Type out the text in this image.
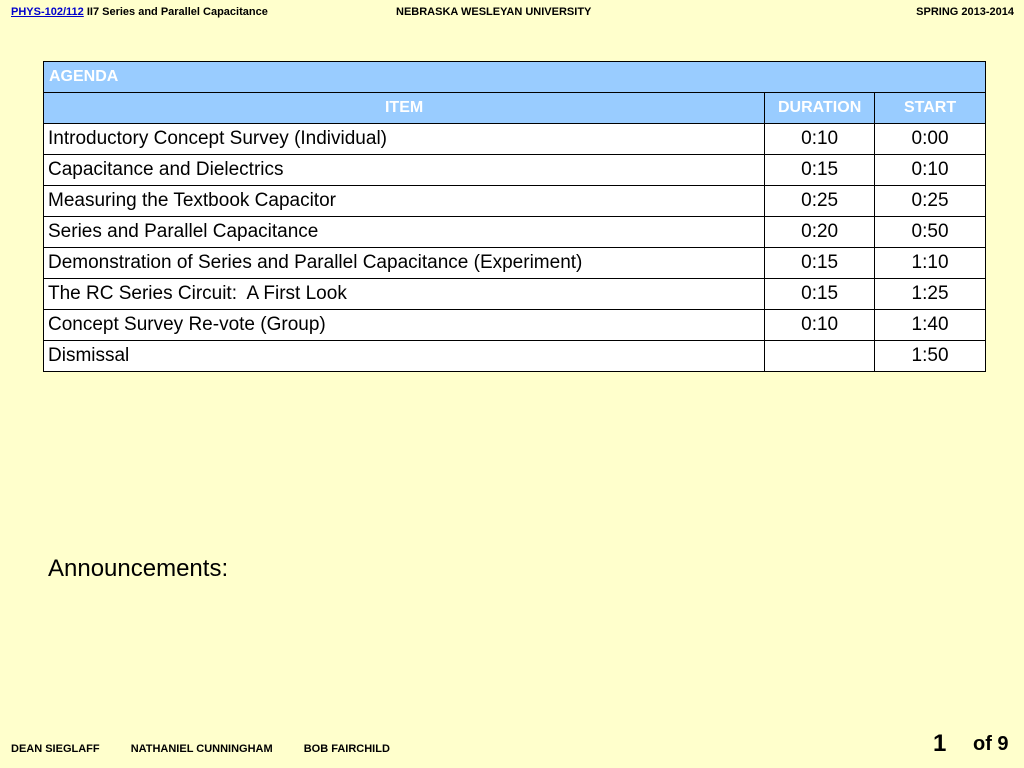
PHYS-102/112 II7 Series and Parallel Capacitance	NEBRASKA WESLEYAN UNIVERSITY	SPRING 2013-2014
AGENDA		
ITEM	DURATION	START
Introductory Concept Survey (Individual)	0:10	0:00
Capacitance and Dielectrics	0:15	0:10
Measuring the Textbook Capacitor	0:25	0:25
Series and Parallel Capacitance	0:20	0:50
Demonstration of Series and Parallel Capacitance (Experiment)	0:15	1:10
The RC Series Circuit:  A First Look	0:15	1:25
Concept Survey Re-vote (Group)	0:10	1:40
Dismissal		1:50
Announcements:
DEAN SIEGLAFF	NATHANIEL CUNNINGHAM	BOB FAIRCHILD	1 of 9
